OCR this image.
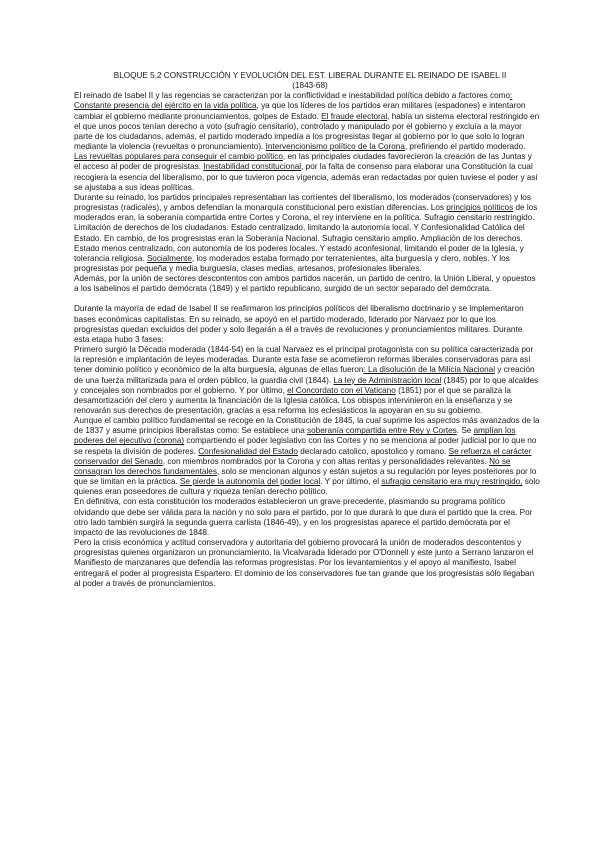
BLOQUE 5.2 CONSTRUCCIÓN Y EVOLUCIÓN DEL EST. LIBERAL DURANTE EL REINADO DE ISABEL II
(1843-68)

El reinado de Isabel II y las regencias se caracterizan por la conflictividad e inestabilidad política debido a factores como: Constante presencia del ejército en la vida política, ya que los líderes de los partidos eran militares (espadones) e intentaron cambiar el gobierno mediante pronunciamientos, golpes de Estado. El fraude electoral, había un sistema electoral restringido en el que unos pocos tenían derecho a voto (sufragio censitario), controlado y manipulado por el gobierno y excluía a la mayor parte de los ciudadanos, además, el partido moderado impedía a los progresistas llegar al gobierno por lo que solo lo logran mediante la violencia (revueltas o pronunciamiento). Intervencionismo político de la Corona, prefiriendo el partido moderado. Las revueltas populares para conseguir el cambio político, en las principales ciudades favorecieron la creación de las Juntas y el acceso al poder de progresistas. Inestabilidad constitucional, por la falta de consenso para elaborar una Constitución la cual recogiera la esencia del liberalismo, por lo que tuvieron poca vigencia, además eran redactadas por quien tuviese el poder y así se ajustaba a sus ideas políticas.

Durante su reinado, los partidos principales representaban las corrientes del liberalismo, los moderados (conservadores) y los progresistas (radicales), y ambos defendían la monarquía constitucional pero existían diferencias. Los principios políticos de los moderados eran, la soberanía compartida entre Cortes y Corona, el rey interviene en la política. Sufragio censitario restringido. Limitación de derechos de los ciudadanos. Estado centralizado, limitando la autonomía local. Y Confesionalidad Católica del Estado. En cambio, de los progresistas eran la Soberanía Nacional. Sufragio censitario amplio. Ampliación de los derechos. Estado menos centralizado, con autonomía de los poderes locales. Y estado aconfesional, limitando el poder de la Iglesia, y tolerancia religiosa. Socialmente, los moderados estaba formado por terratenientes, alta burguesía y clero, nobles. Y los progresistas por pequeña y media burguesía, clases medias, artesanos, profesionales liberales.

Además, por la unión de sectores descontentos con ambos partidos nacerán, un partido de centro, la Unión Liberal, y opuestos a los isabelinos el partido demócrata (1849) y el partido republicano, surgido de un sector separado del demócrata.

Durante la mayoría de edad de Isabel II se reafirmaron los principios políticos del liberalismo doctrinario y se implementaron bases económicas capitalistas. En su reinado, se apoyó en el partido moderado, liderado por Narvaez por lo que los progresistas quedan excluidos del poder y solo llegarán a él a través de revoluciones y pronunciamientos militares. Durante esta etapa hubo 3 fases:

Primero surgió la Década moderada (1844-54) en la cual Narvaez es el principal protagonista con su política caracterizada por la represión e implantación de leyes moderadas. Durante esta fase se acometieron reformas liberales conservadoras para así tener dominio político y económico de la alta burguesía, algunas de ellas fueron: La disolución de la Milicia Nacional y creación de una fuerza militarizada para el orden público, la guardia civil (1844). La ley de Administración local (1845) por lo que alcaldes y concejales son nombrados por el gobierno. Y por último, el Concordato con el Vaticano (1851) por el que se paraliza la desamortización del clero y aumenta la financiación de la Iglesia católica. Los obispos intervinieron en la enseñanza y se renovarán sus derechos de presentación, gracias a esa reforma los eclesiásticos la apoyaran en su su gobierno.

Aunque el cambio político fundamental se recoge en la Constitución de 1845, la cual suprime los aspectos más avanzados de la de 1837 y asume principios liberalistas como: Se establece una soberanía compartida entre Rey y Cortes. Se amplían los poderes del ejecutivo (corona) compartiendo el poder legislativo con las Cortes y no se menciona al poder judicial por lo que no se respeta la división de poderes. Confesionalidad del Estado declarado catolico, apostolico y romano. Se refuerza el carácter conservador del Senado, con miembros nombrados por la Corona y con altas rentas y personalidades relevantes. No se consagran los derechos fundamentales, solo se mencionan algunos y están sujetos a su regulación por leyes posteriores por lo que se limitan en la práctica. Se pierde la autonomía del poder local. Y por último, el sufragio censitario era muy restringido, solo quienes eran poseedores de cultura y riqueza tenían derecho político.

En definitiva, con esta constitución los moderados establecieron un grave precedente, plasmando su programa político olvidando que debe ser válida para la nación y no solo para el partido, por lo que durará lo que dura el partido que la crea. Por otro lado también surgirá la segunda guerra carlista (1846-49), y en los progresistas aparece el partido demócrata por el impacto de las revoluciones de 1848.

Pero la crisis económica y actitud conservadora y autoritaria del gobierno provocará la unión de moderados descontentos y progresistas quienes organizaron un pronunciamiento, la Vicalvarada liderado por O'Donnell y este junto a Serrano lanzaron el Manifiesto de manzanares que defendía las reformas progresistas. Por los levantamientos y el apoyo al manifiesto, Isabel entregará el poder al progresista Espartero. El dominio de los conservadores fue tan grande que los progresistas sólo llegaban al poder a través de pronunciamientos.
